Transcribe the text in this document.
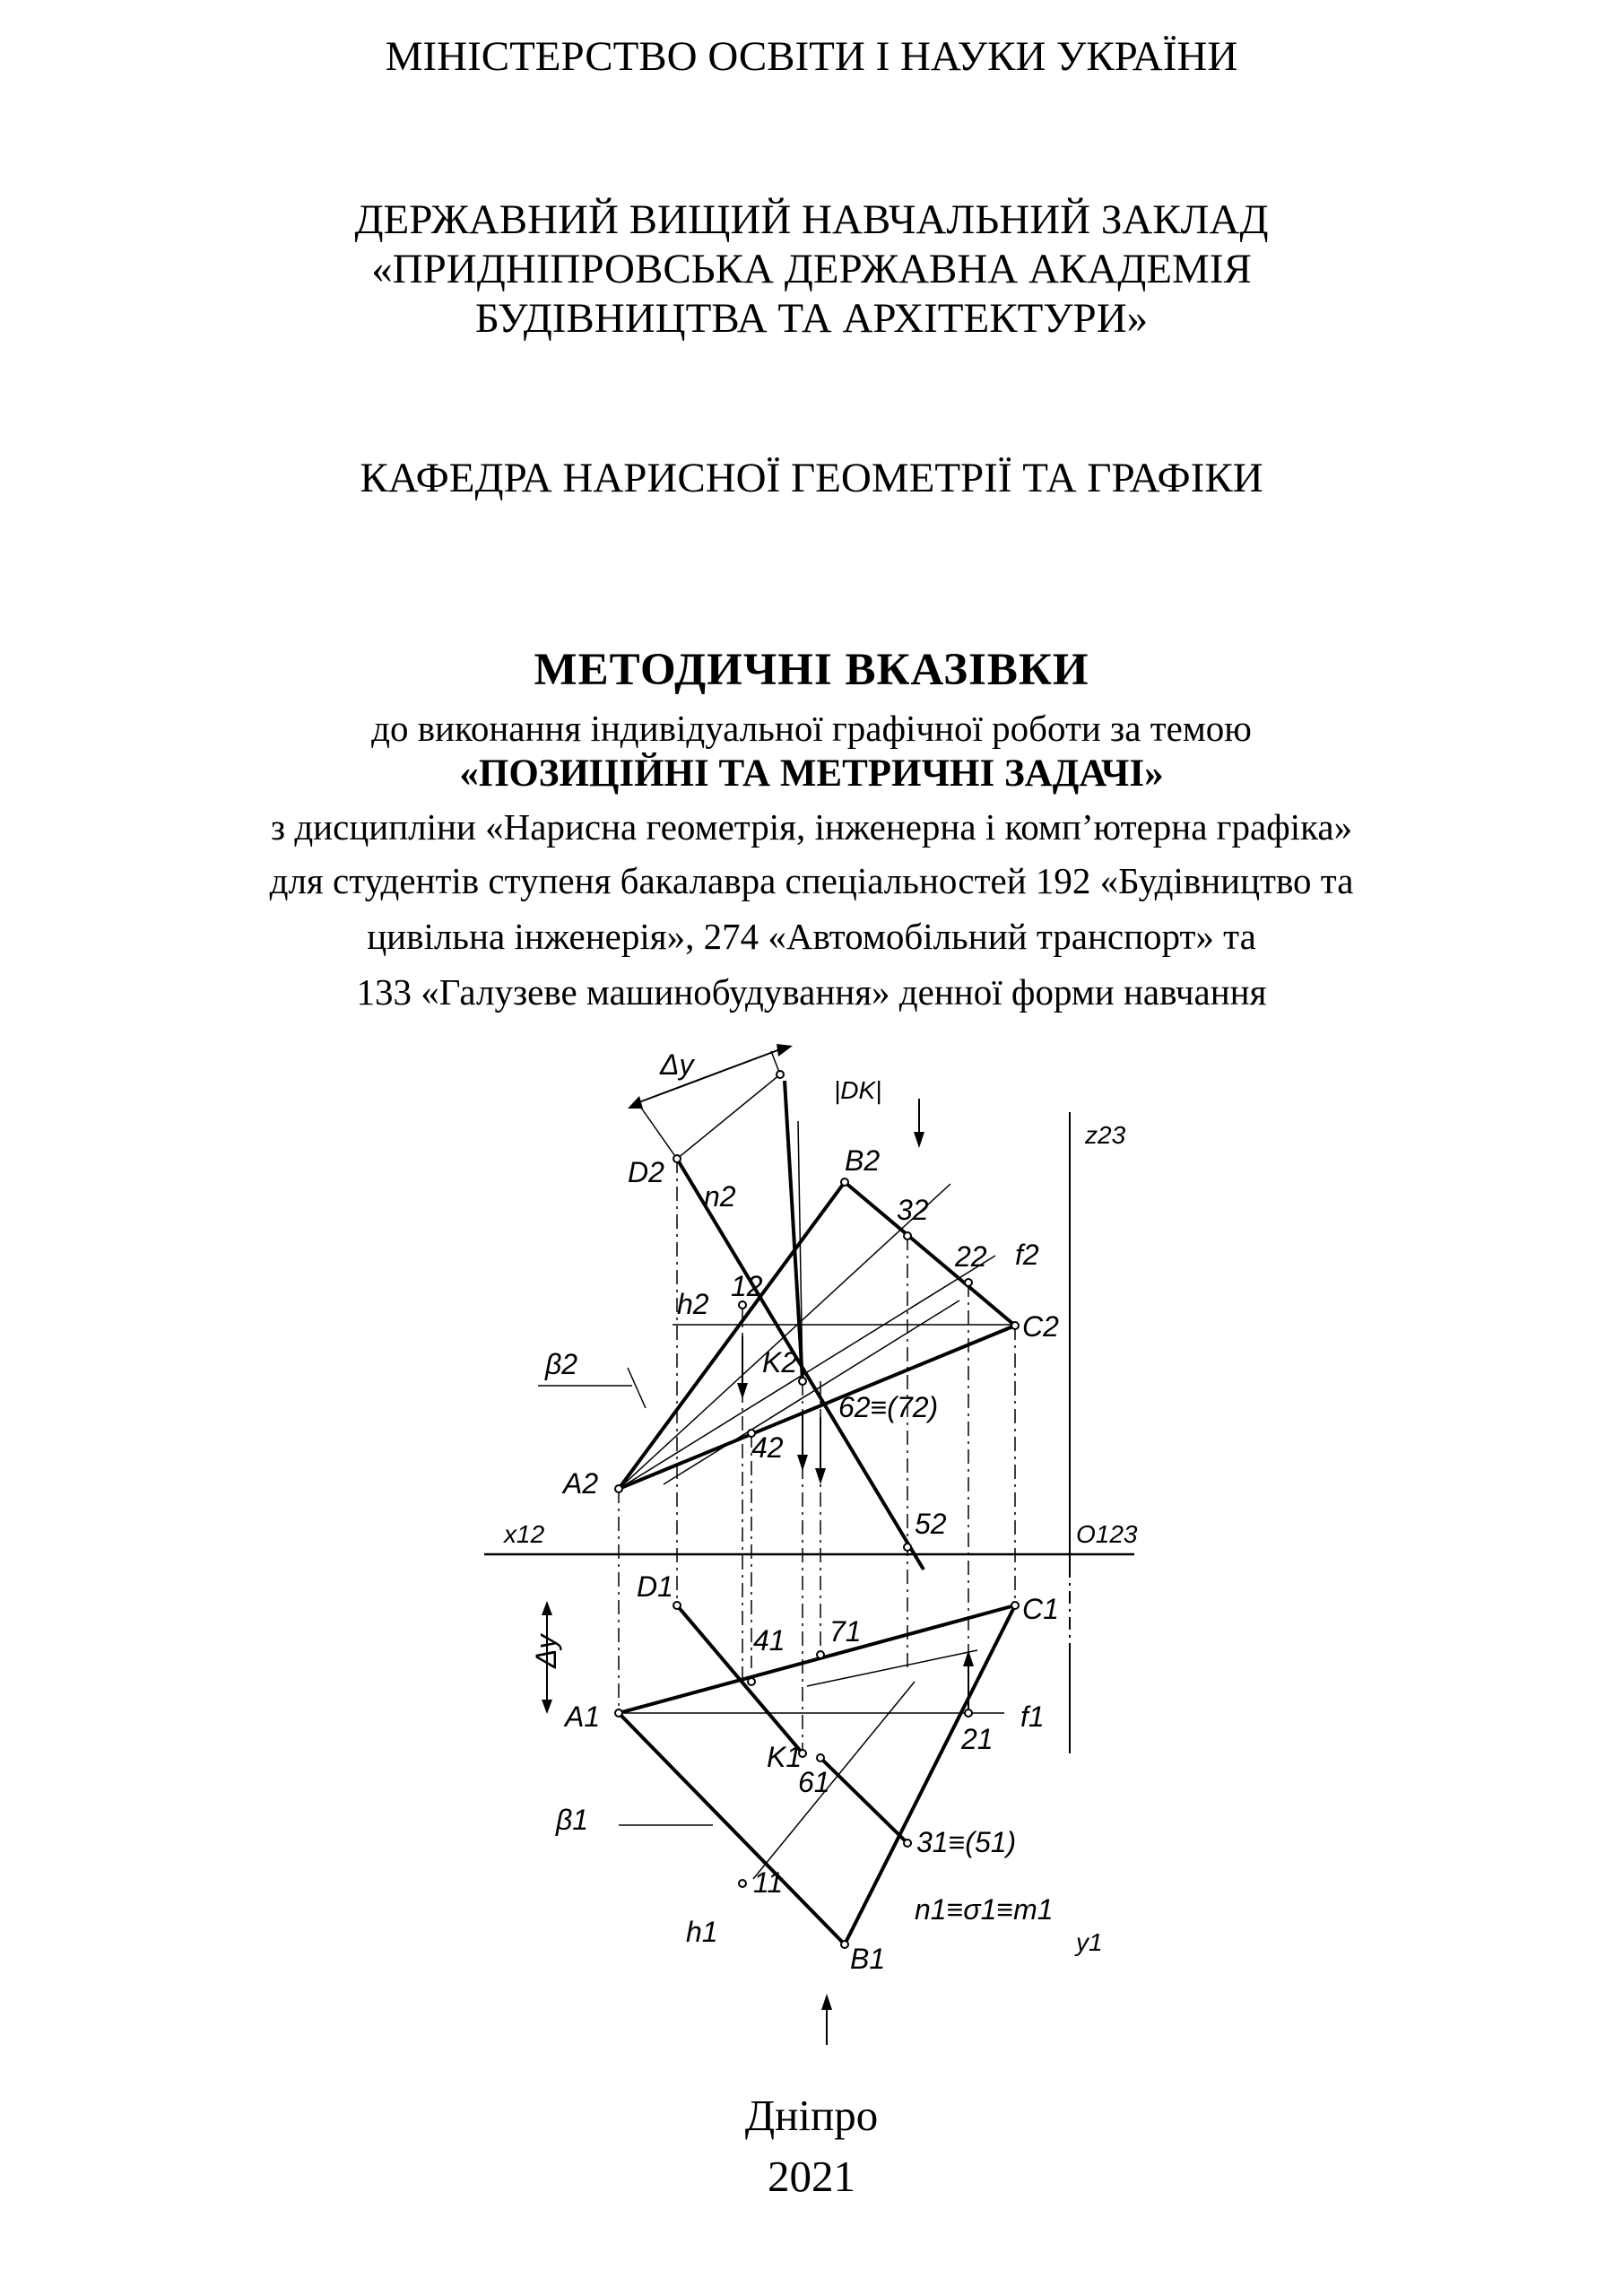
МІНІСТЕРСТВО ОСВІТИ І НАУКИ УКРАЇНИ
ДЕРЖАВНИЙ ВИЩИЙ НАВЧАЛЬНИЙ ЗАКЛАД
«ПРИДНІПРОВСЬКА ДЕРЖАВНА АКАДЕМІЯ
БУДІВНИЦТВА ТА АРХІТЕКТУРИ»
КАФЕДРА НАРИСНОЇ ГЕОМЕТРІЇ ТА ГРАФІКИ
МЕТОДИЧНІ ВКАЗІВКИ
до виконання індивідуальної графічної роботи за темою
«ПОЗИЦІЙНІ ТА МЕТРИЧНІ ЗАДАЧІ»
з дисципліни «Нарисна геометрія, інженерна і комп’ютерна графіка»
для студентів ступеня бакалавра спеціальностей 192 «Будівництво та
цивільна інженерія», 274 «Автомобільний транспорт» та
133 «Галузеве машинобудування» денної форми навчання
Δy
|DK|
z23
D2
n2
B2
32
22 f2
h2
12
C2
β2	K2
62≡(72)
42
A2
x12	52	O123
D1
C1
41 71
Δy
A1	f1
K1
21
61
β1
31≡(51)
11
n1≡σ1≡m1
h1	y1
B1
Дніпро
2021
